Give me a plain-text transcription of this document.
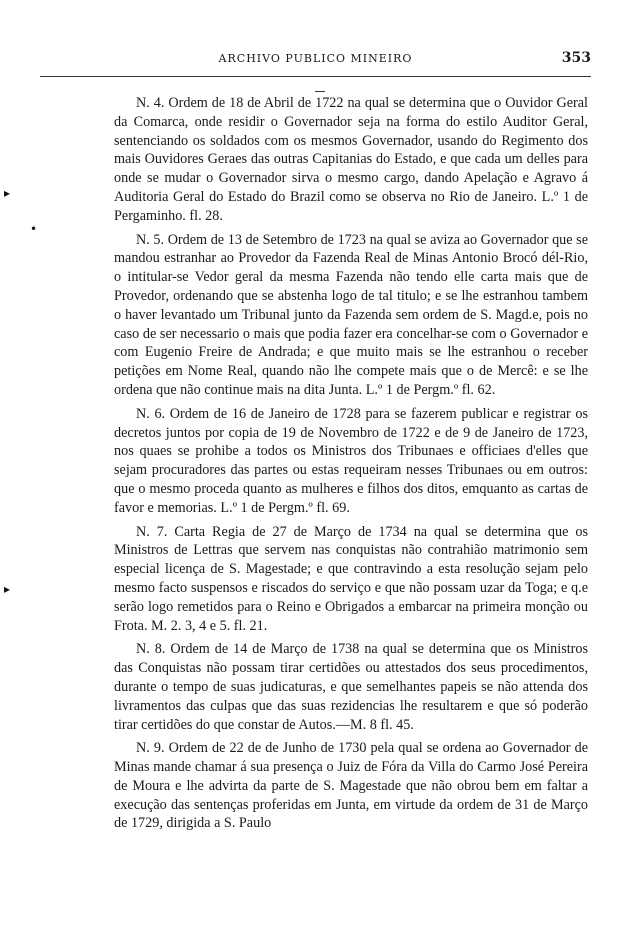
ARCHIVO PUBLICO MINEIRO	353
▸
•
▸

N. 4. Ordem de 18 de Abril de 1722 na qual se determina que o Ouvidor Geral da Comarca, onde residir o Governador seja na forma do estilo Auditor Geral, sentenciando os soldados com os mesmos Governador, usando do Regimento dos mais Ouvidores Geraes das outras Capitanias do Estado, e que cada um delles para onde se mudar o Governador sirva o mesmo cargo, dando Apelação e Agravo á Auditoria Geral do Estado do Brazil como se observa no Rio de Janeiro. L.º 1 de Pergaminho. fl. 28.

N. 5. Ordem de 13 de Setembro de 1723 na qual se aviza ao Governador que se mandou estranhar ao Provedor da Fazenda Real de Minas Antonio Brocó dél-Rio, o intitular-se Vedor geral da mesma Fazenda não tendo elle carta mais que de Provedor, ordenando que se abstenha logo de tal titulo; e se lhe estranhou tambem o haver levantado um Tribunal junto da Fazenda sem ordem de S. Magd.e, pois no caso de ser necessario o mais que podia fazer era concelhar-se com o Governador e com Eugenio Freire de Andrada; e que muito mais se lhe estranhou o receber petições em Nome Real, quando não lhe compete mais que o de Mercê: e se lhe ordena que não continue mais na dita Junta. L.º 1 de Pergm.º fl. 62.

N. 6. Ordem de 16 de Janeiro de 1728 para se fazerem publicar e registrar os decretos juntos por copia de 19 de Novembro de 1722 e de 9 de Janeiro de 1723, nos quaes se prohibe a todos os Ministros dos Tribunaes e officiaes d'elles que sejam procuradores das partes ou estas requeiram nesses Tribunaes ou em outros: que o mesmo proceda quanto as mulheres e filhos dos ditos, emquanto as cartas de favor e memorias. L.º 1 de Pergm.º fl. 69.

N. 7. Carta Regia de 27 de Março de 1734 na qual se determina que os Ministros de Lettras que servem nas conquistas não contrahião matrimonio sem especial licença de S. Magestade; e que contravindo a esta resolução sejam pelo mesmo facto suspensos e riscados do serviço e que não possam uzar da Toga; e q.e serão logo remetidos para o Reino e Obrigados a embarcar na primeira monção ou Frota. M. 2. 3, 4 e 5. fl. 21.

N. 8. Ordem de 14 de Março de 1738 na qual se determina que os Ministros das Conquistas não possam tirar certidões ou attestados dos seus procedimentos, durante o tempo de suas judicaturas, e que semelhantes papeis se não attenda dos livramentos das culpas que das suas rezidencias lhe resultarem e que só poderão tirar certidões do que constar de Autos.—M. 8 fl. 45.

N. 9. Ordem de 22 de de Junho de 1730 pela qual se ordena ao Governador de Minas mande chamar á sua presença o Juiz de Fóra da Villa do Carmo José Pereira de Moura e lhe advirta da parte de S. Magestade que não obrou bem em faltar a execução das sentenças proferidas em Junta, em virtude da ordem de 31 de Março de 1729, dirigida a S. Paulo
